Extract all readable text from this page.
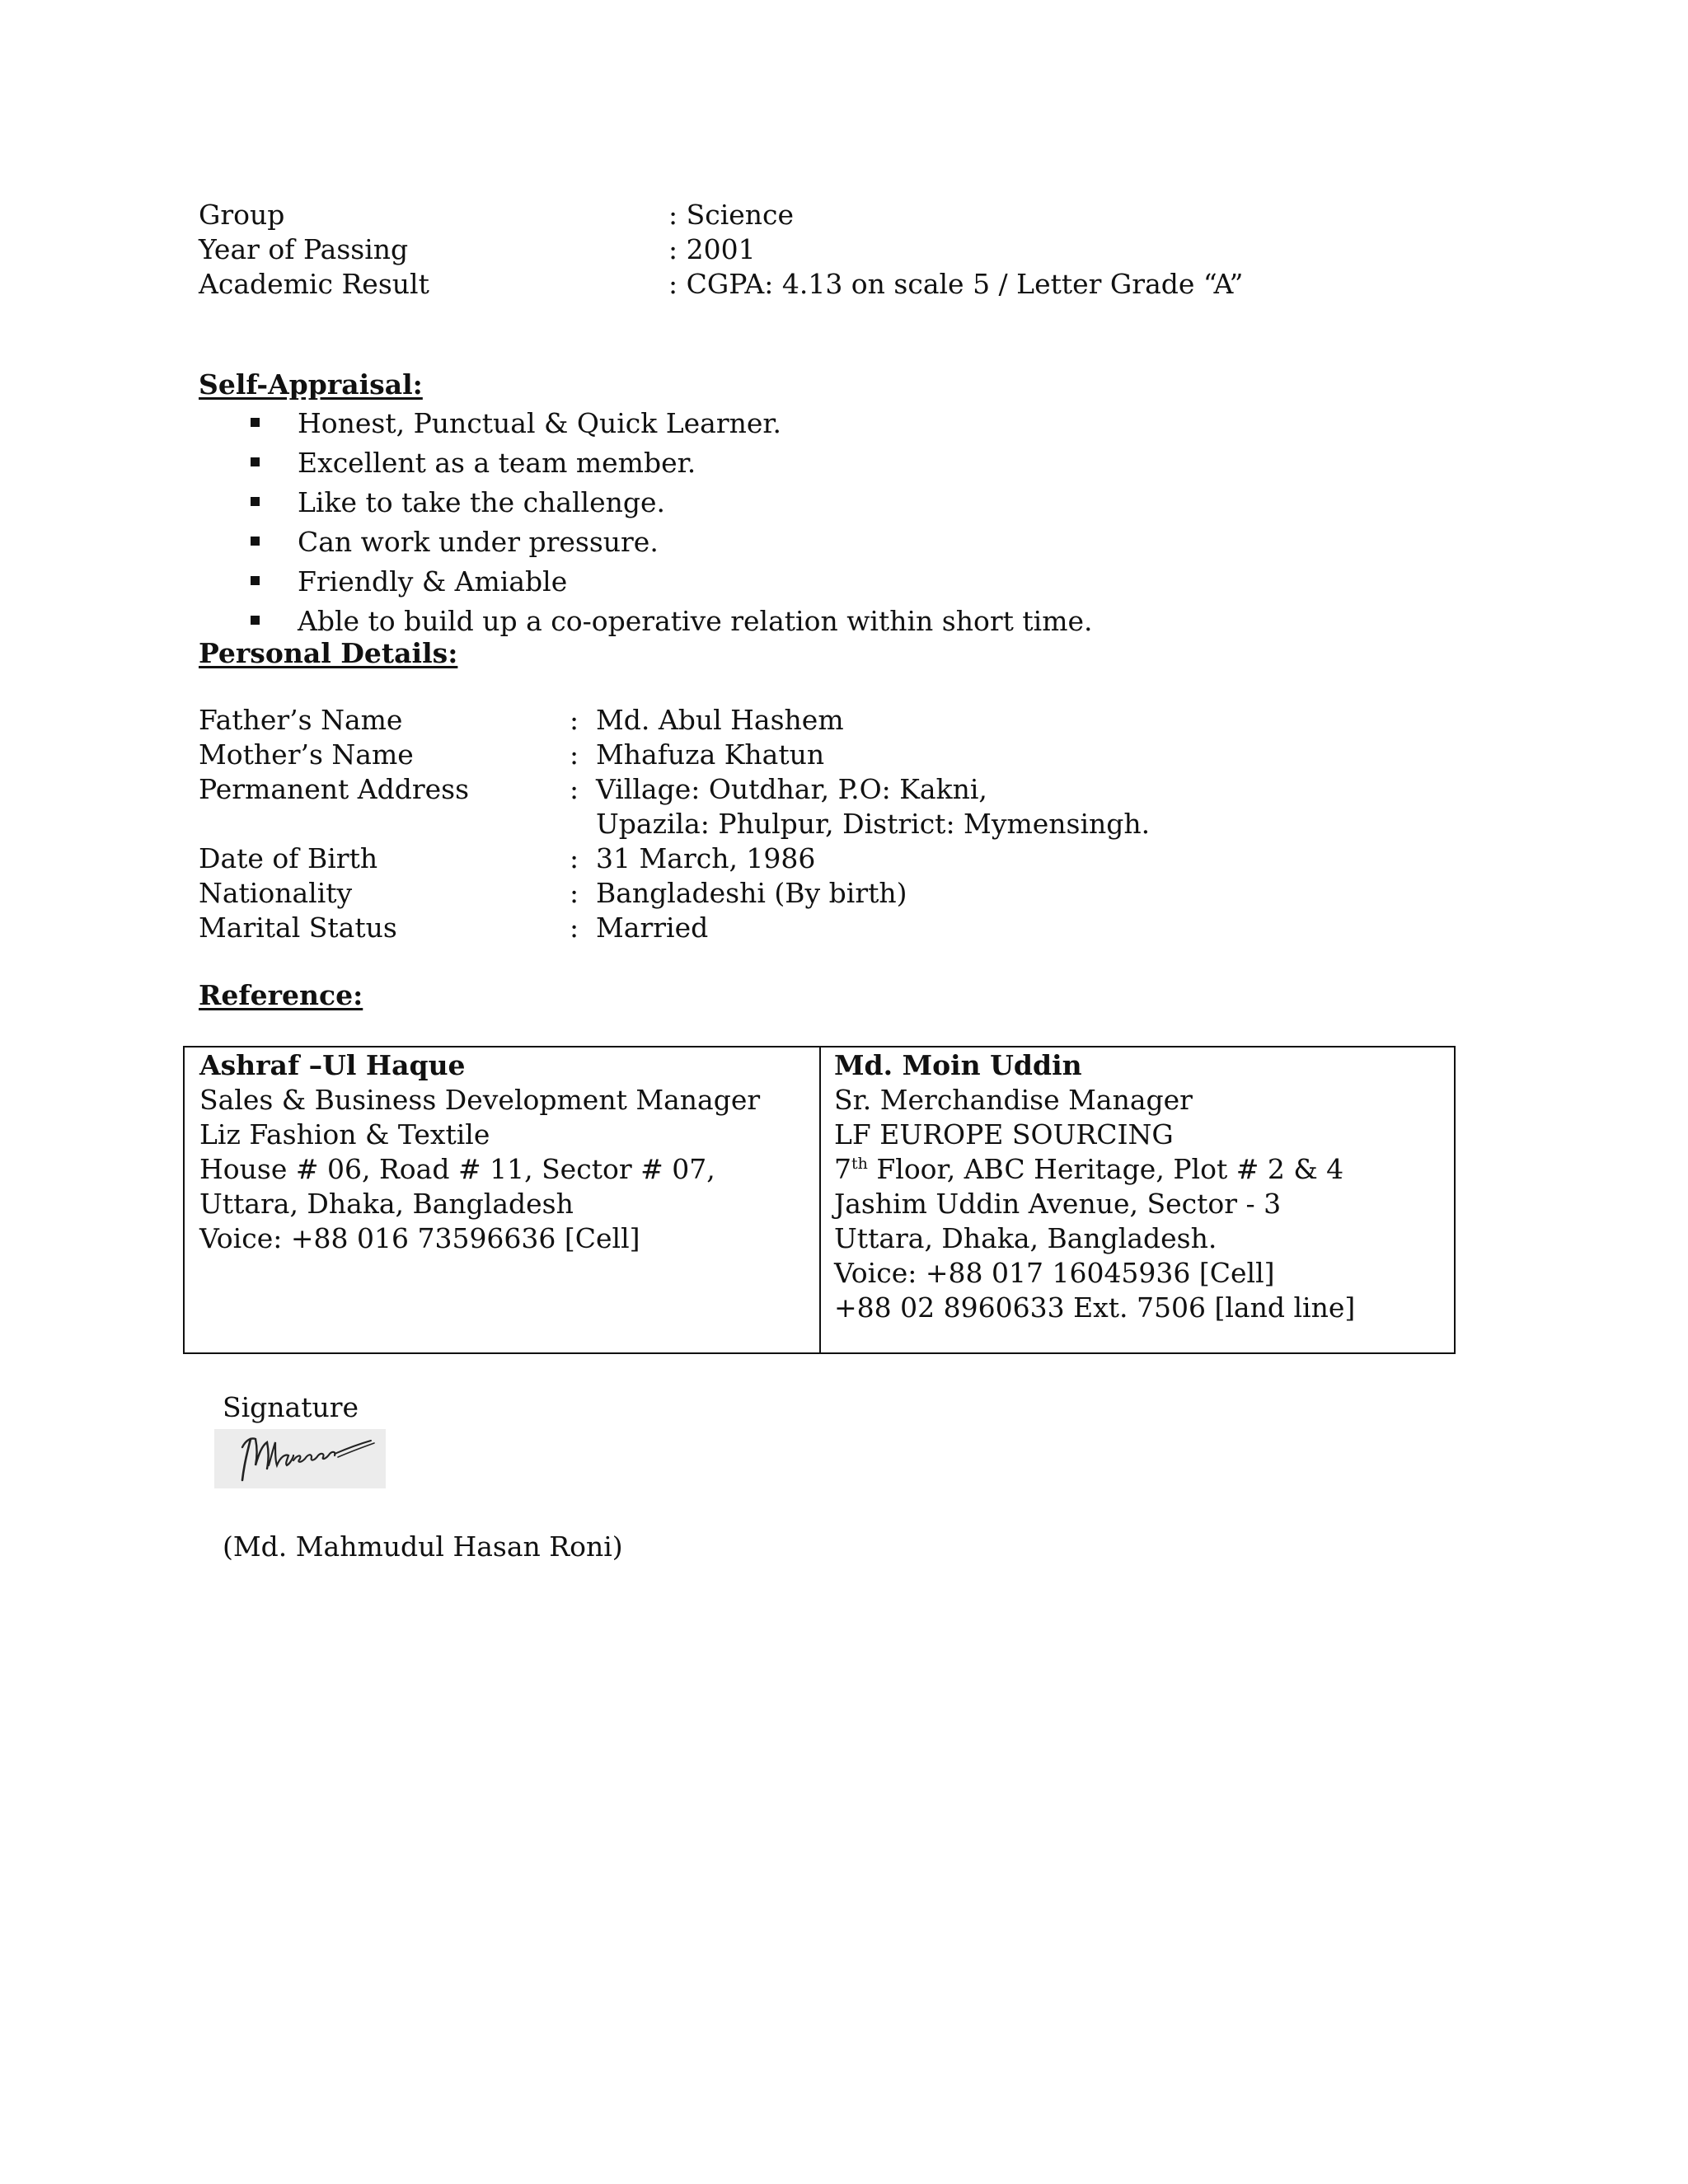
Group	: Science
Year of Passing	: 2001
Academic Result	: CGPA: 4.13 on scale 5 / Letter Grade “A”
Self-Appraisal:
Honest, Punctual & Quick Learner.
Excellent as a team member.
Like to take the challenge.
Can work under pressure.
Friendly & Amiable
Able to build up a co-operative relation within short time.
Personal Details:
Father’s Name	: Md. Abul Hashem
Mother’s Name	: Mhafuza Khatun
Permanent Address	: Village: Outdhar, P.O: Kakni,
Upazila: Phulpur, District: Mymensingh.
Date of Birth	: 31 March, 1986
Nationality	: Bangladeshi (By birth)
Marital Status	: Married
Reference:
Ashraf –Ul Haque
Sales & Business Development Manager
Liz Fashion & Textile
House # 06, Road # 11, Sector # 07,
Uttara, Dhaka, Bangladesh
Voice: +88 016 73596636 [Cell]
Md. Moin Uddin
Sr. Merchandise Manager
LF EUROPE SOURCING
7th Floor, ABC Heritage, Plot # 2 & 4
Jashim Uddin Avenue, Sector - 3
Uttara, Dhaka, Bangladesh.
Voice: +88 017 16045936 [Cell]
+88 02 8960633 Ext. 7506 [land line]
Signature
(Md. Mahmudul Hasan Roni)
